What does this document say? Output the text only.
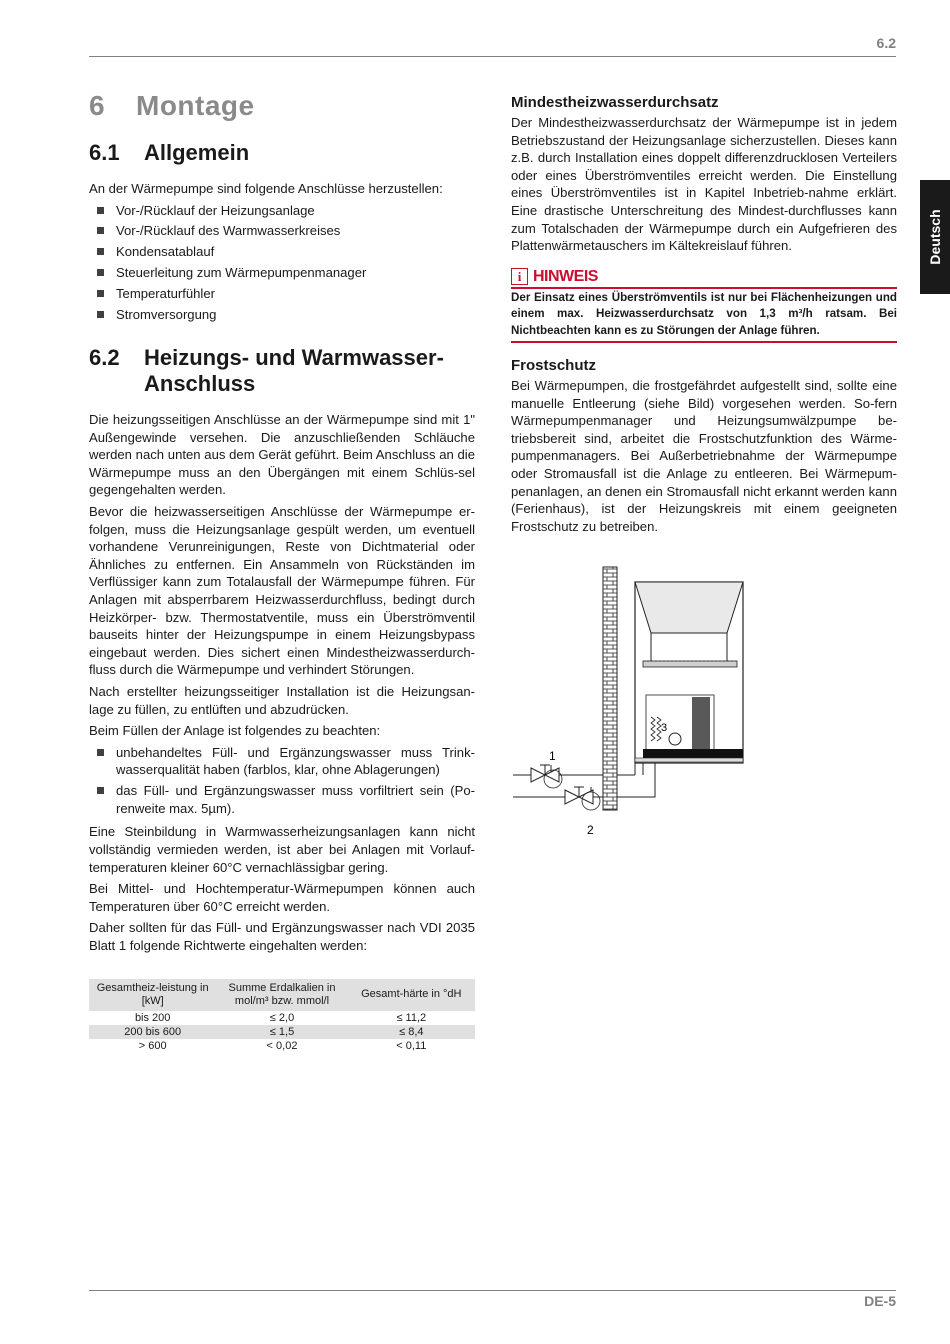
6.2
Deutsch
6 Montage
6.1	Allgemein

An der Wärmepumpe sind folgende Anschlüsse herzustellen:

Vor-/Rücklauf der Heizungsanlage
Vor-/Rücklauf des Warmwasserkreises
Kondensatablauf
Steuerleitung zum Wärmepumpenmanager
Temperaturfühler
Stromversorgung
6.2	Heizungs- und Warmwasser-Anschluss

Die heizungsseitigen Anschlüsse an der Wärmepumpe sind mit 1" Außengewinde versehen. Die anzuschließenden Schläuche werden nach unten aus dem Gerät geführt. Beim Anschluss an die Wärmepumpe muss an den Übergängen mit einem Schlüs-sel gegengehalten werden.

Bevor die heizwasserseitigen Anschlüsse der Wärmepumpe er-folgen, muss die Heizungsanlage gespült werden, um eventuell vorhandene Verunreinigungen, Reste von Dichtmaterial oder Ähnliches zu entfernen. Ein Ansammeln von Rückständen im Verflüssiger kann zum Totalausfall der Wärmepumpe führen. Für Anlagen mit absperrbarem Heizwasserdurchfluss, bedingt durch Heizkörper- bzw. Thermostatventile, muss ein Überströmventil bauseits hinter der Heizungspumpe in einem Heizungsbypass eingebaut werden. Dies sichert einen Mindestheizwasserdurch-fluss durch die Wärmepumpe und verhindert Störungen.

Nach erstellter heizungsseitiger Installation ist die Heizungsan-lage zu füllen, zu entlüften und abzudrücken.

Beim Füllen der Anlage ist folgendes zu beachten:

unbehandeltes Füll- und Ergänzungswasser muss Trink-wasserqualität haben (farblos, klar, ohne Ablagerungen)
das Füll- und Ergänzungswasser muss vorfiltriert sein (Po-renweite max. 5µm).

Eine Steinbildung in Warmwasserheizungsanlagen kann nicht vollständig vermieden werden, ist aber bei Anlagen mit Vorlauf-temperaturen kleiner 60°C vernachlässigbar gering.

Bei Mittel- und Hochtemperatur-Wärmepumpen können auch Temperaturen über 60°C erreicht werden.

Daher sollten für das Füll- und Ergänzungswasser nach VDI 2035 Blatt 1 folgende Richtwerte eingehalten werden:

Gesamtheiz-leistung in [kW]	Summe Erdalkalien in mol/m³ bzw. mmol/l	Gesamt-härte in °dH
bis 200	≤ 2,0	≤ 11,2
200 bis 600	≤ 1,5	≤ 8,4
> 600	< 0,02	< 0,11
Mindestheizwasserdurchsatz

Der Mindestheizwasserdurchsatz der Wärmepumpe ist in jedem Betriebszustand der Heizungsanlage sicherzustellen. Dieses kann z.B. durch Installation eines doppelt differenzdrucklosen Verteilers oder eines Überströmventiles erreicht werden. Die Einstellung eines Überströmventiles ist in Kapitel Inbetrieb-nahme erklärt. Eine drastische Unterschreitung des Mindest-durchflusses kann zum Totalschaden der Wärmepumpe durch ein Aufgefrieren des Plattenwärmetauschers im Kältekreislauf führen.

i HINWEIS
Der Einsatz eines Überströmventils ist nur bei Flächenheizungen und einem max. Heizwasserdurchsatz von 1,3 m³/h ratsam. Bei Nichtbeachten kann es zu Störungen der Anlage führen.
Frostschutz

Bei Wärmepumpen, die frostgefährdet aufgestellt sind, sollte eine manuelle Entleerung (siehe Bild) vorgesehen werden. So-fern Wärmepumpenmanager und Heizungsumwälzpumpe be-triebsbereit sind, arbeitet die Frostschutzfunktion des Wärme-pumpenmanagers. Bei Außerbetriebnahme der Wärmepumpe oder Stromausfall ist die Anlage zu entleeren. Bei Wärmepum-penanlagen, an denen ein Stromausfall nicht erkannt werden kann (Ferienhaus), ist der Heizungskreis mit einem geeigneten Frostschutz zu betreiben.

3
1
2
DE-5
